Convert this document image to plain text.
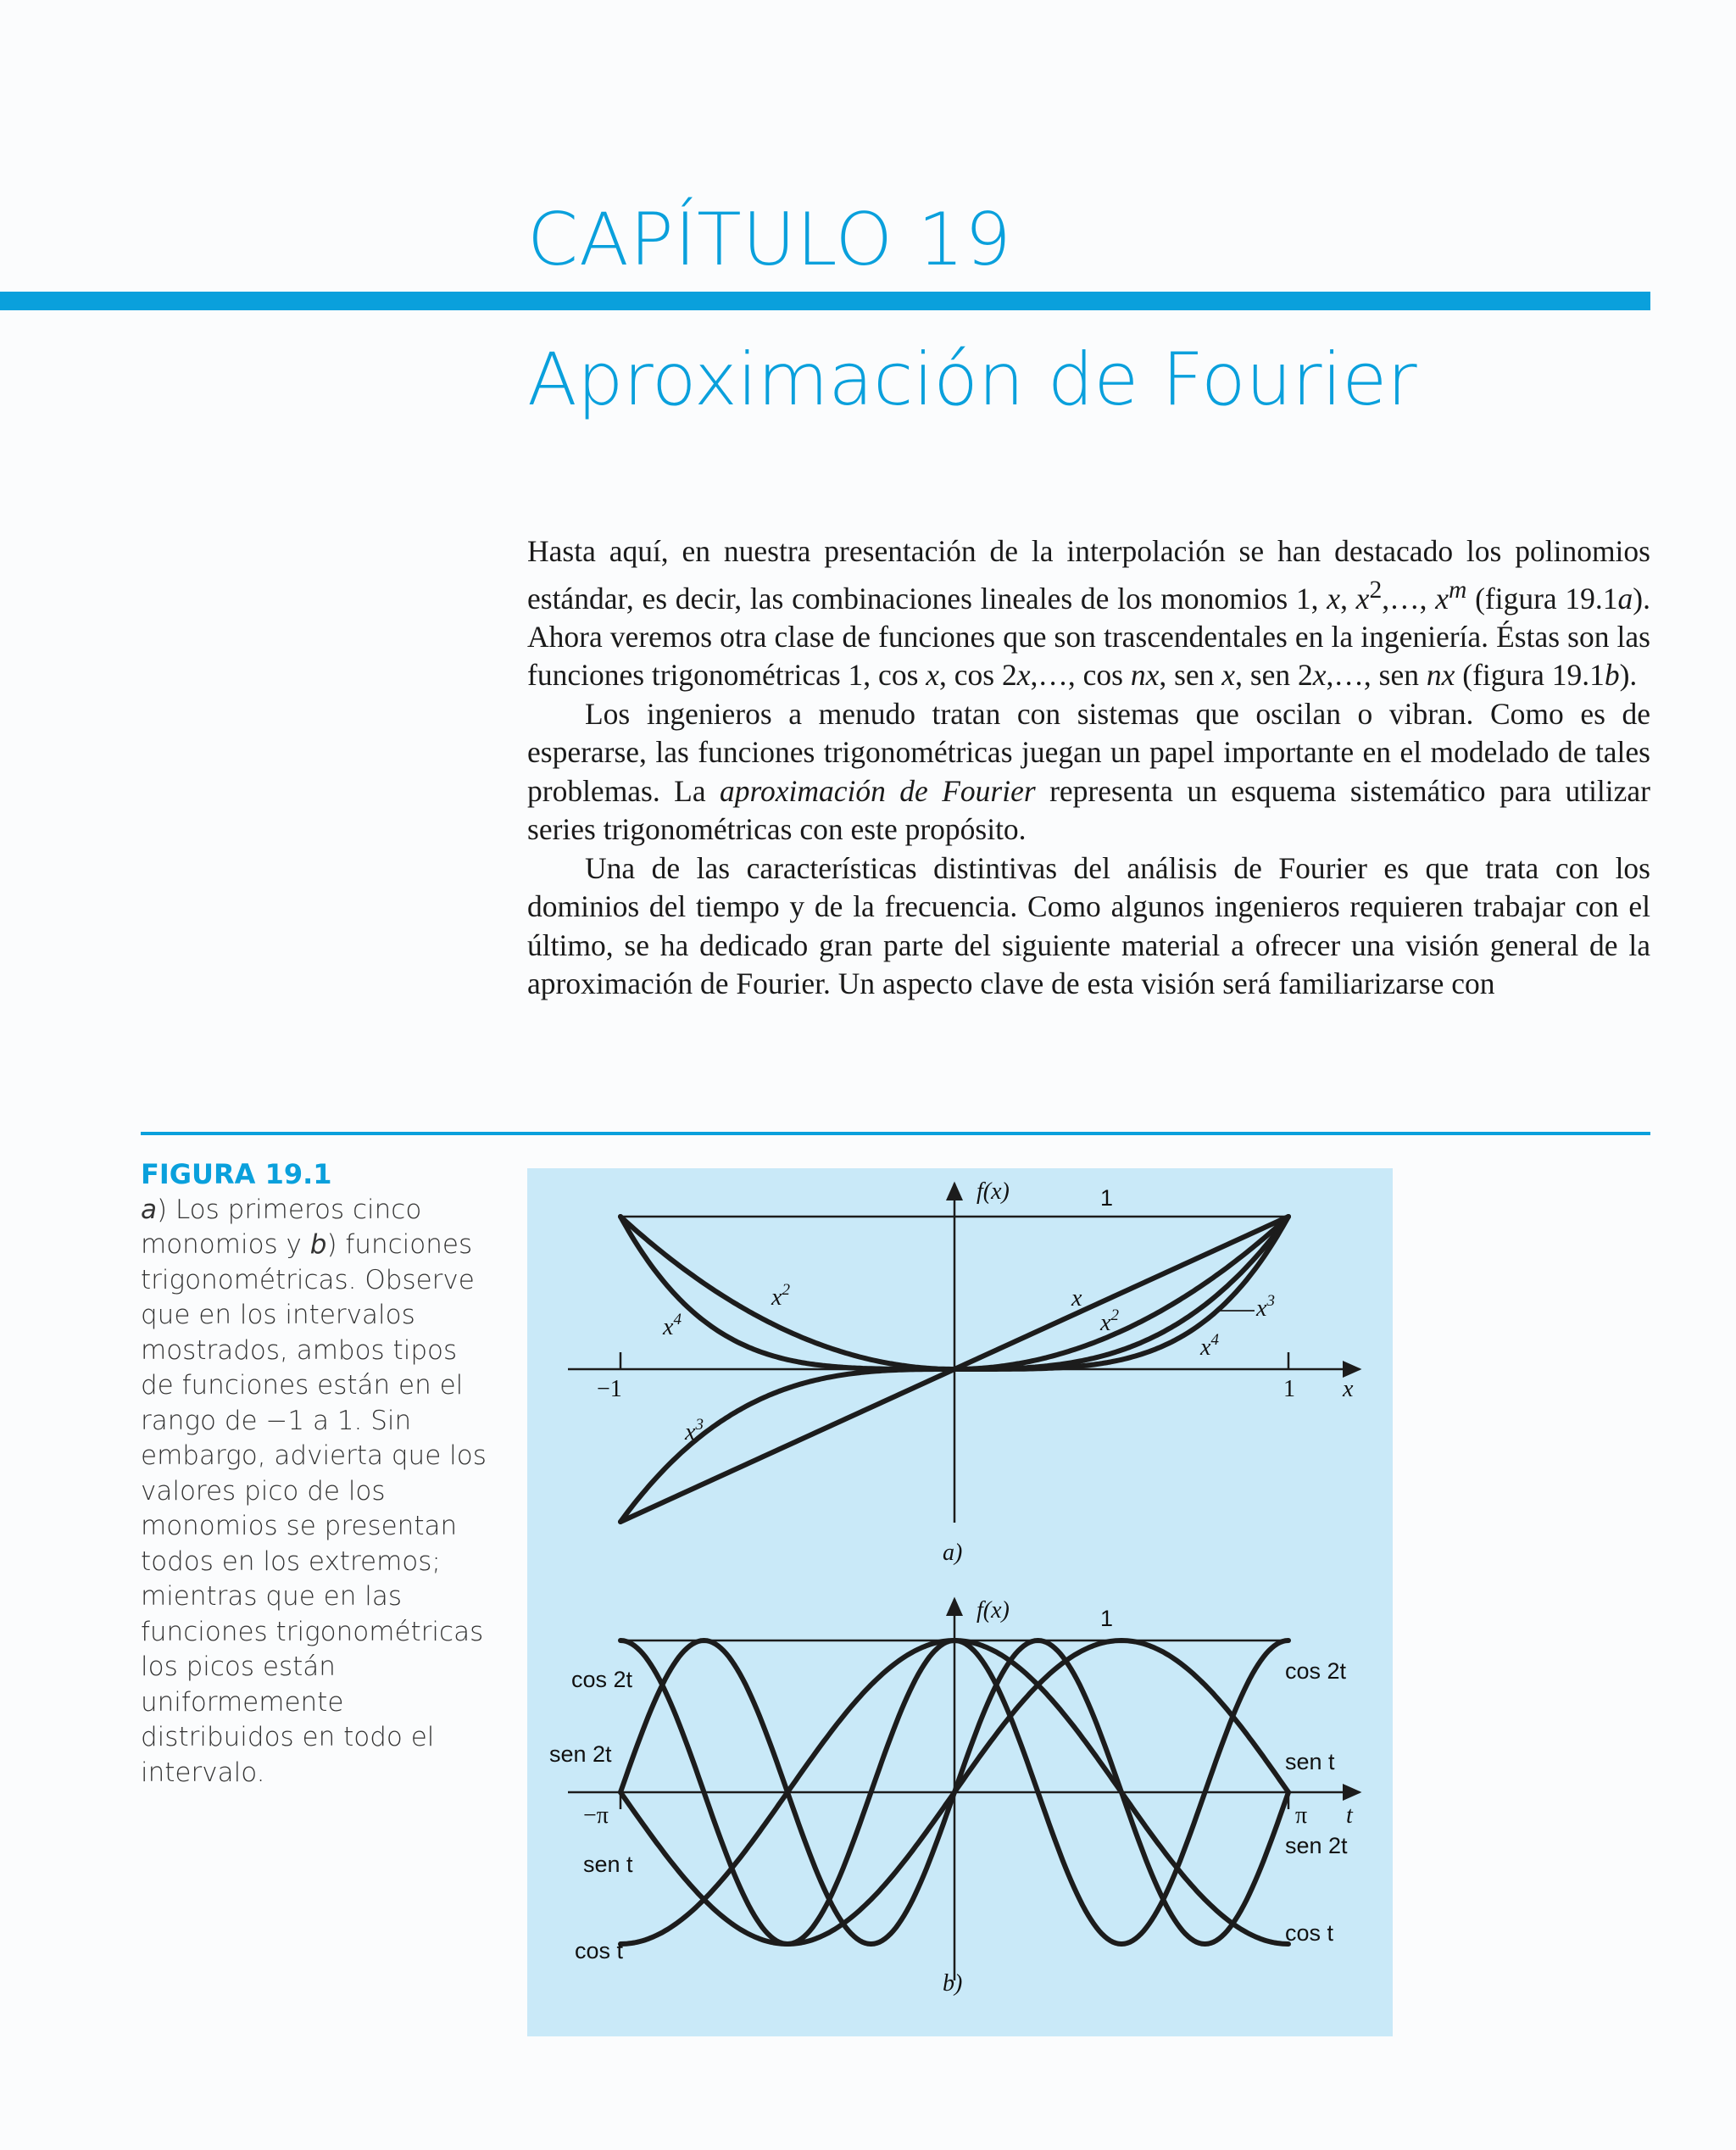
CAPÍTULO 19
Aproximación de Fourier

Hasta aquí, en nuestra presentación de la interpolación se han destacado los polinomios estándar, es decir, las combinaciones lineales de los monomios 1, x, $x^2,\dots$, $x^m$ (figura 19.1a). Ahora veremos otra clase de funciones que son trascendentales en la ingeniería. Éstas son las funciones trigonométricas 1, cos x, cos 2x,…, cos nx, sen x, sen 2x,…, sen nx (figura 19.1b).

Los ingenieros a menudo tratan con sistemas que oscilan o vibran. Como es de esperarse, las funciones trigonométricas juegan un papel importante en el modelado de tales problemas. La aproximación de Fourier representa un esquema sistemático para utilizar series trigonométricas con este propósito.

Una de las características distintivas del análisis de Fourier es que trata con los dominios del tiempo y de la frecuencia. Como algunos ingenieros requieren trabajar con el último, se ha dedicado gran parte del siguiente material a ofrecer una visión general de la aproximación de Fourier. Un aspecto clave de esta visión será familiarizarse con

FIGURA 19.1
a) Los primeros cinco monomios y b) funciones trigonométricas. Observe que en los intervalos mostrados, ambos tipos de funciones están en el rango de −1 a 1. Sin embargo, advierta que los valores pico de los monomios se presentan todos en los extremos; mientras que en las funciones trigonométricas los picos están uniformemente distribuidos en todo el intervalo.
f(x)	1
−1	1 x
$x^2$
$x^4$
$x^3$
x
$x^2$	$x^3$
$x^4$
a)
f(x)	1
−π	π t
cos 2t
sen 2t
sen t
cos t
cos 2t
sen t
sen 2t
cos t
b)
